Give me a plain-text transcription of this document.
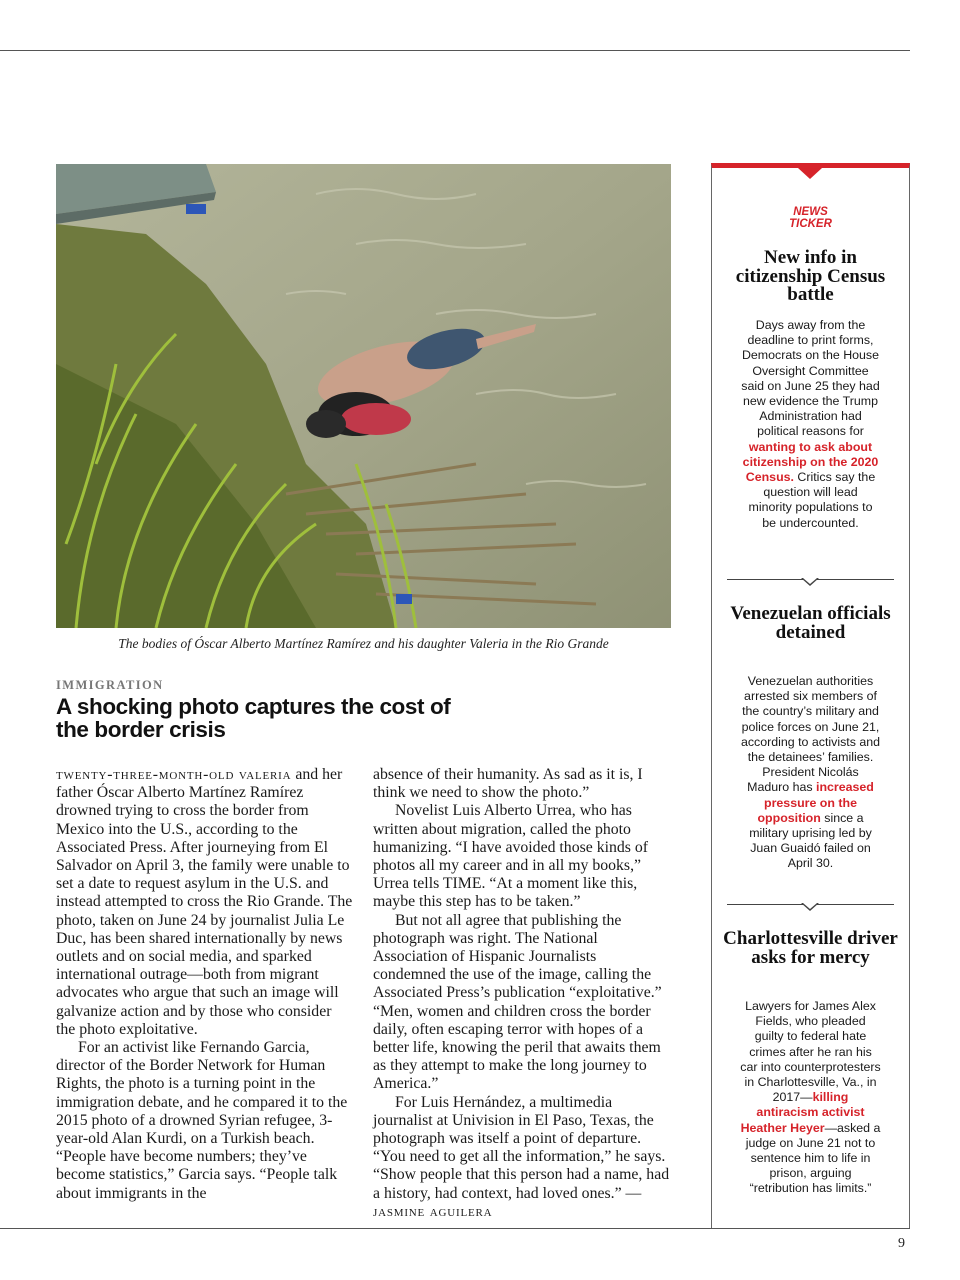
The bodies of Óscar Alberto Martínez Ramírez and his daughter Valeria in the Rio Grande
IMMIGRATION
A shocking photo captures the cost of the border crisis

twenty-three-month-old valeria and her father Óscar Alberto Martínez Ramírez drowned trying to cross the border from Mexico into the U.S., according to the Associated Press. After journeying from El Salvador on April 3, the family were unable to set a date to request asylum in the U.S. and instead attempted to cross the Rio Grande. The photo, taken on June 24 by journalist Julia Le Duc, has been shared internationally by news outlets and on social media, and sparked international outrage—both from migrant advocates who argue that such an image will galvanize action and by those who consider the photo exploitative.

For an activist like Fernando Garcia, director of the Border Network for Human Rights, the photo is a turning point in the immigration debate, and he compared it to the 2015 photo of a drowned Syrian refugee, 3-year-old Alan Kurdi, on a Turkish beach. “People have become numbers; they’ve become statistics,” Garcia says. “People talk about immigrants in the

absence of their humanity. As sad as it is, I think we need to show the photo.”

Novelist Luis Alberto Urrea, who has written about migration, called the photo humanizing. “I have avoided those kinds of photos all my career and in all my books,” Urrea tells TIME. “At a moment like this, maybe this step has to be taken.”

But not all agree that publishing the photograph was right. The National Association of Hispanic Journalists condemned the use of the image, calling the Associated Press’s publication “exploitative.” “Men, women and children cross the border daily, often escaping terror with hopes of a better life, knowing the peril that awaits them as they attempt to make the long journey to America.”

For Luis Hernández, a multimedia journalist at Univision in El Paso, Texas, the photograph was itself a point of departure. “You need to get all the information,” he says. “Show people that this person had a name, had a history, had context, had loved ones.” —jasmine aguilera

NEWS
TICKER
New info in citizenship Census battle

Days away from the deadline to print forms, Democrats on the House Oversight Committee said on June 25 they had new evidence the Trump Administration had political reasons for wanting to ask about citizenship on the 2020 Census. Critics say the question will lead minority populations to be undercounted.

Venezuelan officials detained

Venezuelan authorities arrested six members of the country’s military and police forces on June 21, according to activists and the detainees’ families. President Nicolás Maduro has increased pressure on the opposition since a military uprising led by Juan Guaidó failed on April 30.

Charlottesville driver asks for mercy

Lawyers for James Alex Fields, who pleaded guilty to federal hate crimes after he ran his car into counterprotesters in Charlottesville, Va., in 2017—killing antiracism activist Heather Heyer—asked a judge on June 21 not to sentence him to life in prison, arguing “retribution has limits.”

9
